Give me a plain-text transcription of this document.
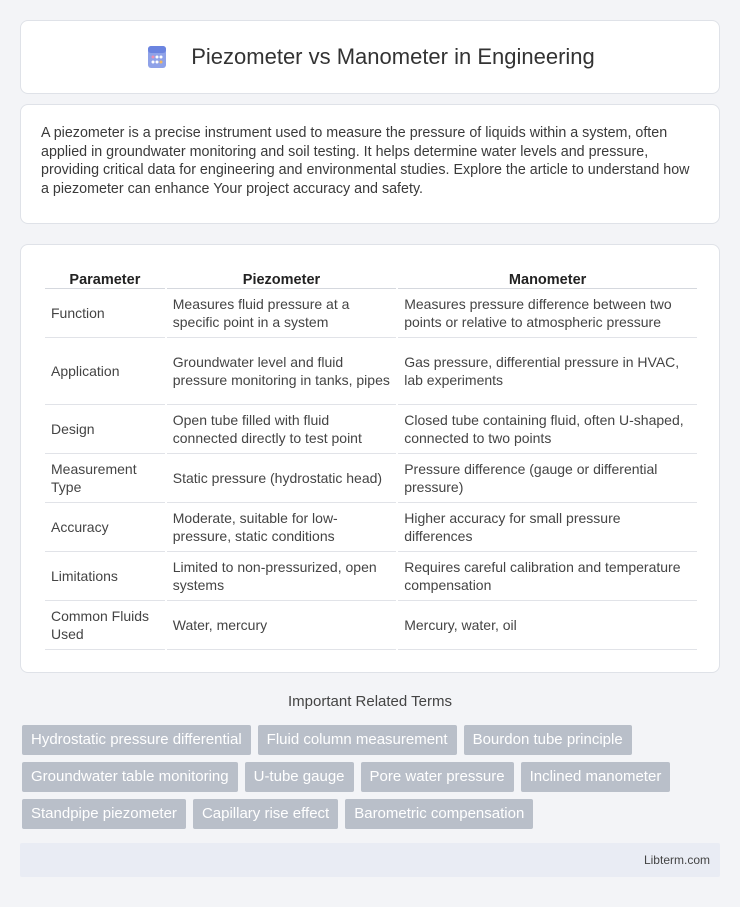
Piezometer vs Manometer in Engineering

A piezometer is a precise instrument used to measure the pressure of liquids within a system, often applied in groundwater monitoring and soil testing. It helps determine water levels and pressure, providing critical data for engineering and environmental studies. Explore the article to understand how a piezometer can enhance Your project accuracy and safety.

Parameter	Piezometer	Manometer
Function	Measures fluid pressure at a specific point in a system	Measures pressure difference between two points or relative to atmospheric pressure
Application	Groundwater level and fluid pressure monitoring in tanks, pipes	Gas pressure, differential pressure in HVAC, lab experiments
Design	Open tube filled with fluid connected directly to test point	Closed tube containing fluid, often U-shaped, connected to two points
Measurement Type	Static pressure (hydrostatic head)	Pressure difference (gauge or differential pressure)
Accuracy	Moderate, suitable for low-pressure, static conditions	Higher accuracy for small pressure differences
Limitations	Limited to non-pressurized, open systems	Requires careful calibration and temperature compensation
Common Fluids Used	Water, mercury	Mercury, water, oil
Important Related Terms
Hydrostatic pressure differential	Fluid column measurement	Bourdon tube principle
Groundwater table monitoring	U-tube gauge	Pore water pressure	Inclined manometer
Standpipe piezometer	Capillary rise effect	Barometric compensation
Libterm.com
